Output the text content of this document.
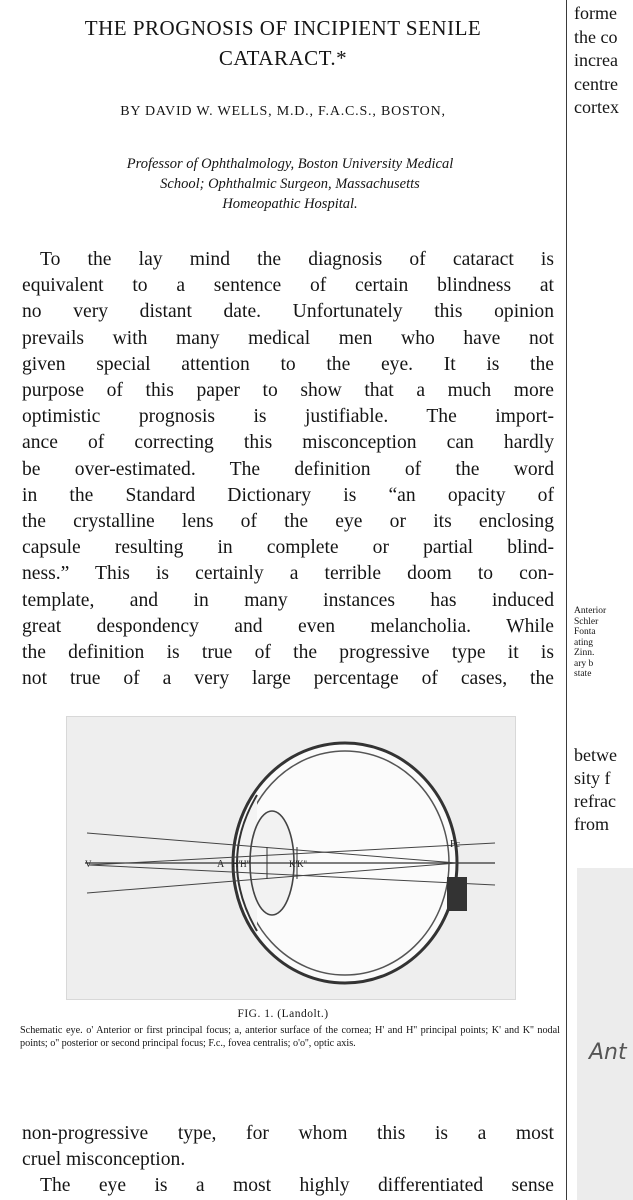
THE PROGNOSIS OF INCIPIENT SENILE
CATARACT.*
BY DAVID W. WELLS, M.D., F.A.C.S., BOSTON,
Professor of Ophthalmology, Boston University Medical
School; Ophthalmic Surgeon, Massachusetts
Homeopathic Hospital.
To the lay mind the diagnosis of cataract is
equivalent to a sentence of certain blindness at
no very distant date. Unfortunately this opinion
prevails with many medical men who have not
given special attention to the eye. It is the
purpose of this paper to show that a much more
optimistic prognosis is justifiable. The import-
ance of correcting this misconception can hardly
be over-estimated. The definition of the word
in the Standard Dictionary is “an opacity of
the crystalline lens of the eye or its enclosing
capsule resulting in complete or partial blind-
ness.” This is certainly a terrible doom to con-
template, and in many instances has induced
great despondency and even melancholia. While
the definition is true of the progressive type it is
not true of a very large percentage of cases, the
Fc
A H'H''	K'K''
V
FIG. 1. (Landolt.)
Schematic eye. o' Anterior or first principal focus; a, anterior surface of the cornea; H' and H'' principal points; K' and K'' nodal points; o'' posterior or second principal focus; F.c., fovea centralis; o'o'', optic axis.
non-progressive type, for whom this is a most
cruel misconception.
The eye is a most highly differentiated sense
forme
the co
increa
centre
cortex
Anterior
Schler
Fonta
ating
Zinn.
ary b
state
betwe
sity f
refrac
from
Ant
